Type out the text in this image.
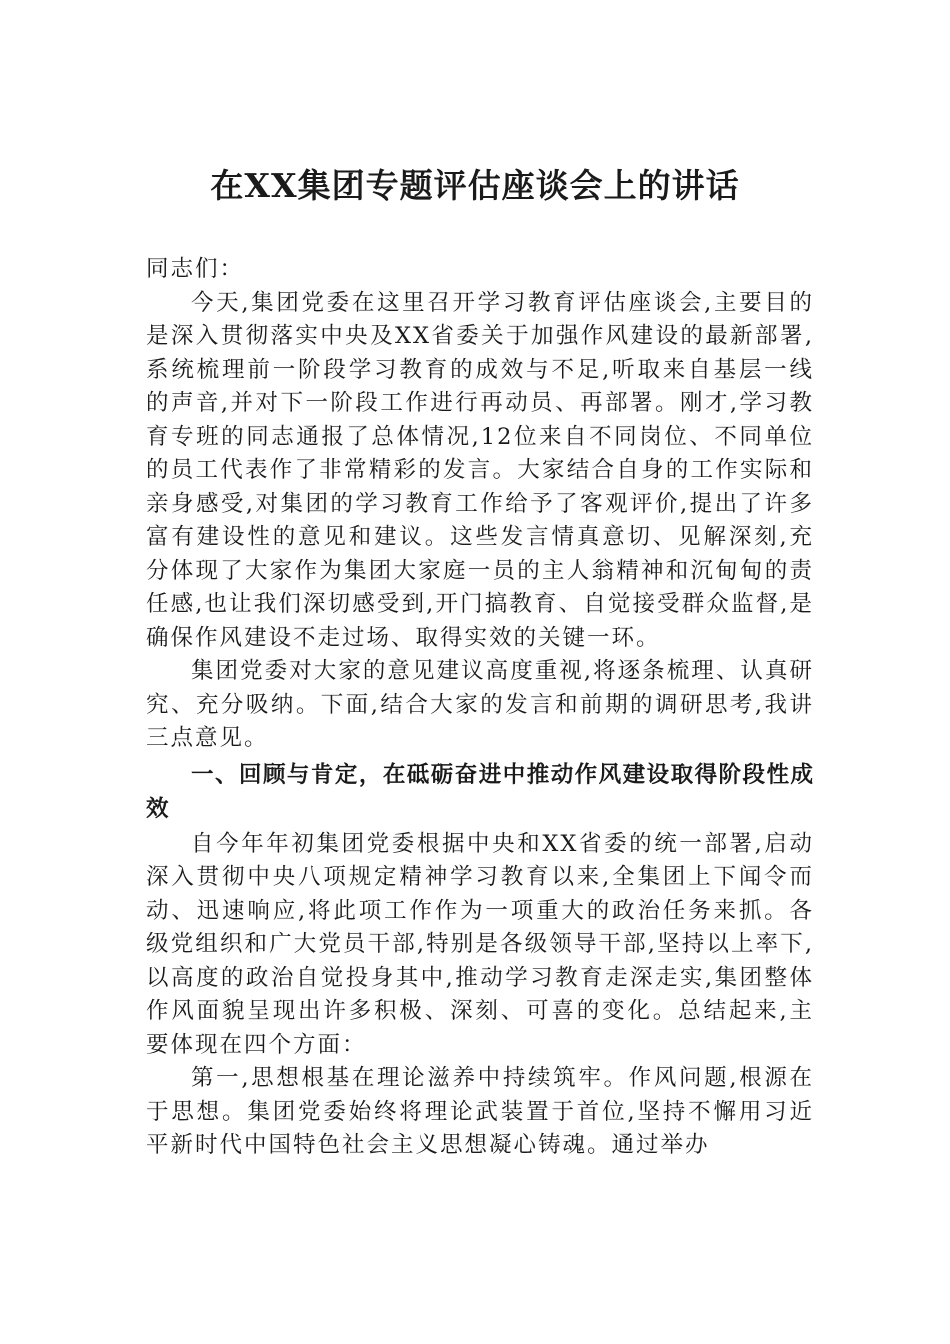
在XX集团专题评估座谈会上的讲话

同志们：

今天,集团党委在这里召开学习教育评估座谈会,主要目的是深入贯彻落实中央及XX省委关于加强作风建设的最新部署,系统梳理前一阶段学习教育的成效与不足,听取来自基层一线的声音,并对下一阶段工作进行再动员、再部署。刚才,学习教育专班的同志通报了总体情况,12位来自不同岗位、不同单位的员工代表作了非常精彩的发言。大家结合自身的工作实际和亲身感受,对集团的学习教育工作给予了客观评价,提出了许多富有建设性的意见和建议。这些发言情真意切、见解深刻,充分体现了大家作为集团大家庭一员的主人翁精神和沉甸甸的责任感,也让我们深切感受到,开门搞教育、自觉接受群众监督,是确保作风建设不走过场、取得实效的关键一环。

集团党委对大家的意见建议高度重视,将逐条梳理、认真研究、充分吸纳。下面,结合大家的发言和前期的调研思考,我讲三点意见。

一、回顾与肯定，在砥砺奋进中推动作风建设取得阶段性成效

自今年年初集团党委根据中央和XX省委的统一部署,启动深入贯彻中央八项规定精神学习教育以来,全集团上下闻令而动、迅速响应,将此项工作作为一项重大的政治任务来抓。各级党组织和广大党员干部,特别是各级领导干部,坚持以上率下,以高度的政治自觉投身其中,推动学习教育走深走实,集团整体作风面貌呈现出许多积极、深刻、可喜的变化。总结起来,主要体现在四个方面：

第一,思想根基在理论滋养中持续筑牢。作风问题,根源在于思想。集团党委始终将理论武装置于首位,坚持不懈用习近平新时代中国特色社会主义思想凝心铸魂。通过举办
